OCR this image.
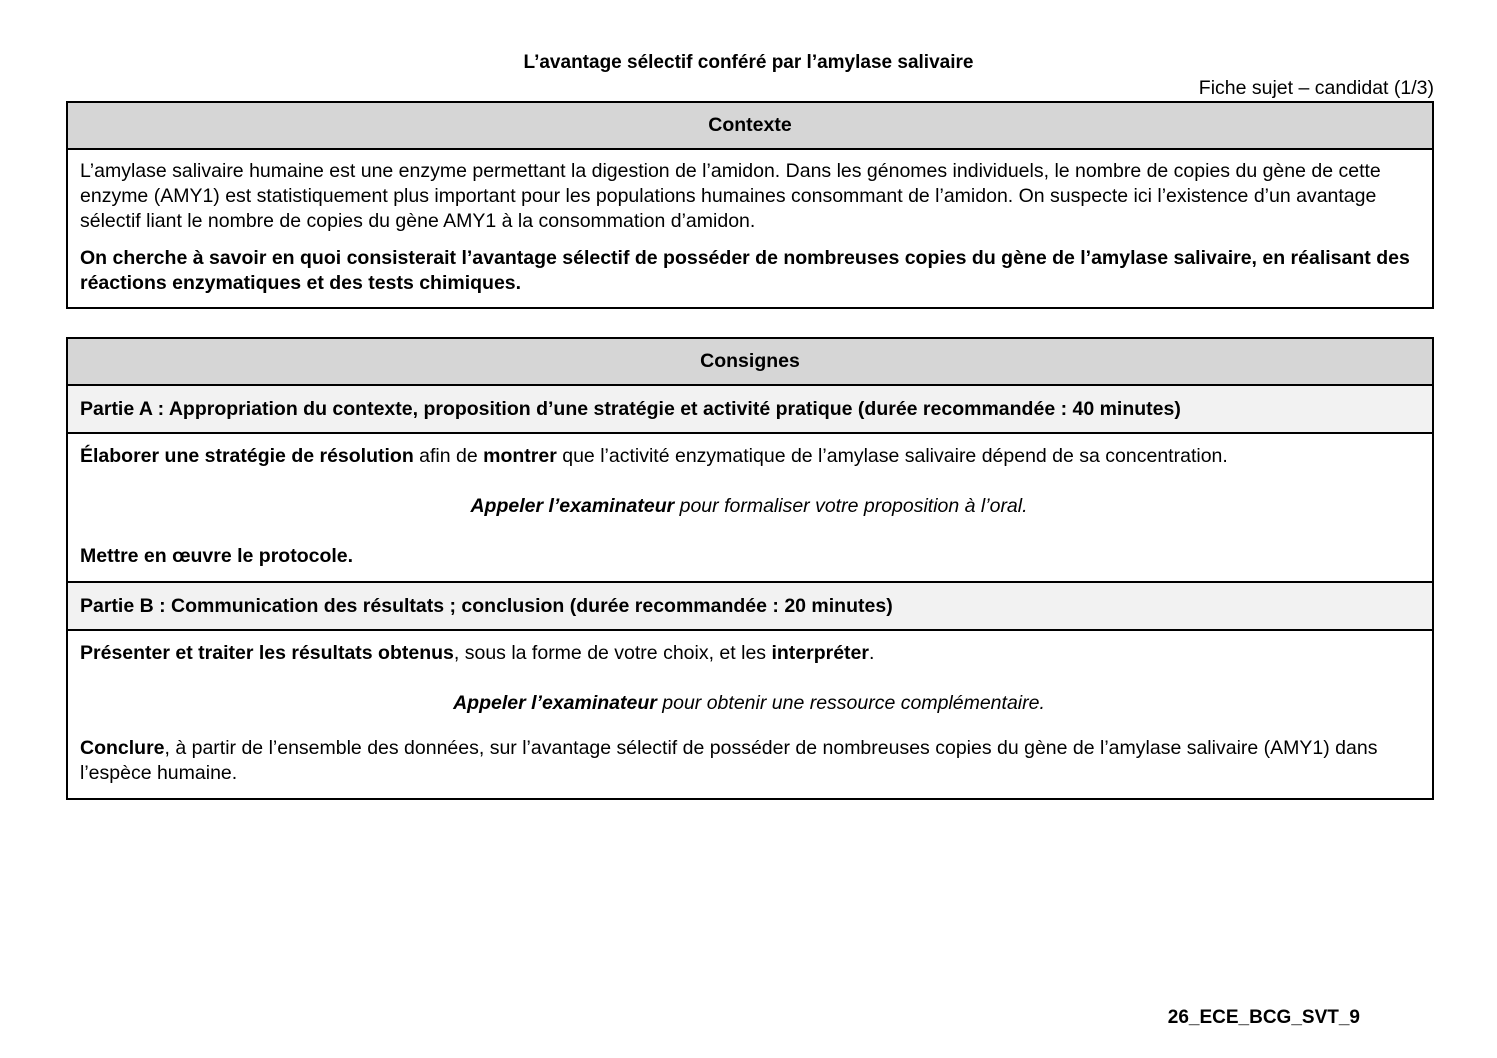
L’avantage sélectif conféré par l’amylase salivaire
Fiche sujet – candidat (1/3)
Contexte

L’amylase salivaire humaine est une enzyme permettant la digestion de l’amidon. Dans les génomes individuels, le nombre de copies du gène de cette enzyme (AMY1) est statistiquement plus important pour les populations humaines consommant de l’amidon. On suspecte ici l’existence d’un avantage sélectif liant le nombre de copies du gène AMY1 à la consommation d’amidon.

On cherche à savoir en quoi consisterait l’avantage sélectif de posséder de nombreuses copies du gène de l’amylase salivaire, en réalisant des réactions enzymatiques et des tests chimiques.

Consignes
Partie A : Appropriation du contexte, proposition d’une stratégie et activité pratique (durée recommandée : 40 minutes)

Élaborer une stratégie de résolution afin de montrer que l’activité enzymatique de l’amylase salivaire dépend de sa concentration.

Appeler l’examinateur pour formaliser votre proposition à l’oral.

Mettre en œuvre le protocole.

Partie B : Communication des résultats ; conclusion (durée recommandée : 20 minutes)

Présenter et traiter les résultats obtenus, sous la forme de votre choix, et les interpréter.

Appeler l’examinateur pour obtenir une ressource complémentaire.

Conclure, à partir de l’ensemble des données, sur l’avantage sélectif de posséder de nombreuses copies du gène de l’amylase salivaire (AMY1) dans l’espèce humaine.

26_ECE_BCG_SVT_9
